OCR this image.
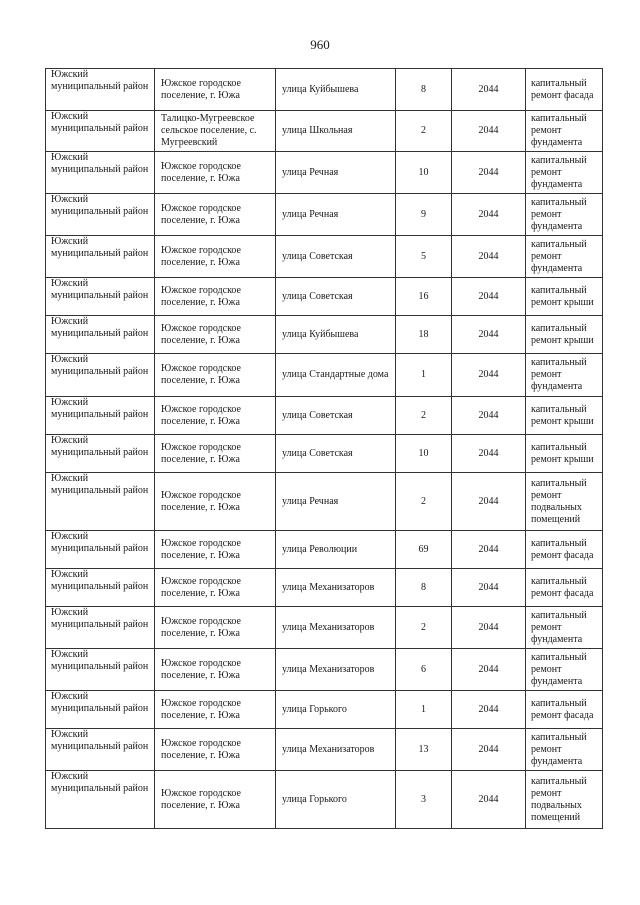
960
Южский муниципальный район	Южское городское поселение, г. Южа	улица Куйбышева	8	2044	капитальный ремонт фасада
Южский муниципальный район	Талицко-Мугреевское сельское поселение, с. Мугреевский	улица Школьная	2	2044	капитальный ремонт фундамента
Южский муниципальный район	Южское городское поселение, г. Южа	улица Речная	10	2044	капитальный ремонт фундамента
Южский муниципальный район	Южское городское поселение, г. Южа	улица Речная	9	2044	капитальный ремонт фундамента
Южский муниципальный район	Южское городское поселение, г. Южа	улица Советская	5	2044	капитальный ремонт фундамента
Южский муниципальный район	Южское городское поселение, г. Южа	улица Советская	16	2044	капитальный ремонт крыши
Южский муниципальный район	Южское городское поселение, г. Южа	улица Куйбышева	18	2044	капитальный ремонт крыши
Южский муниципальный район	Южское городское поселение, г. Южа	улица Стандартные дома	1	2044	капитальный ремонт фундамента
Южский муниципальный район	Южское городское поселение, г. Южа	улица Советская	2	2044	капитальный ремонт крыши
Южский муниципальный район	Южское городское поселение, г. Южа	улица Советская	10	2044	капитальный ремонт крыши
Южский муниципальный район	Южское городское поселение, г. Южа	улица Речная	2	2044	капитальный ремонт подвальных помещений
Южский муниципальный район	Южское городское поселение, г. Южа	улица Революции	69	2044	капитальный ремонт фасада
Южский муниципальный район	Южское городское поселение, г. Южа	улица Механизаторов	8	2044	капитальный ремонт фасада
Южский муниципальный район	Южское городское поселение, г. Южа	улица Механизаторов	2	2044	капитальный ремонт фундамента
Южский муниципальный район	Южское городское поселение, г. Южа	улица Механизаторов	6	2044	капитальный ремонт фундамента
Южский муниципальный район	Южское городское поселение, г. Южа	улица Горького	1	2044	капитальный ремонт фасада
Южский муниципальный район	Южское городское поселение, г. Южа	улица Механизаторов	13	2044	капитальный ремонт фундамента
Южский муниципальный район	Южское городское поселение, г. Южа	улица Горького	3	2044	капитальный ремонт подвальных помещений
